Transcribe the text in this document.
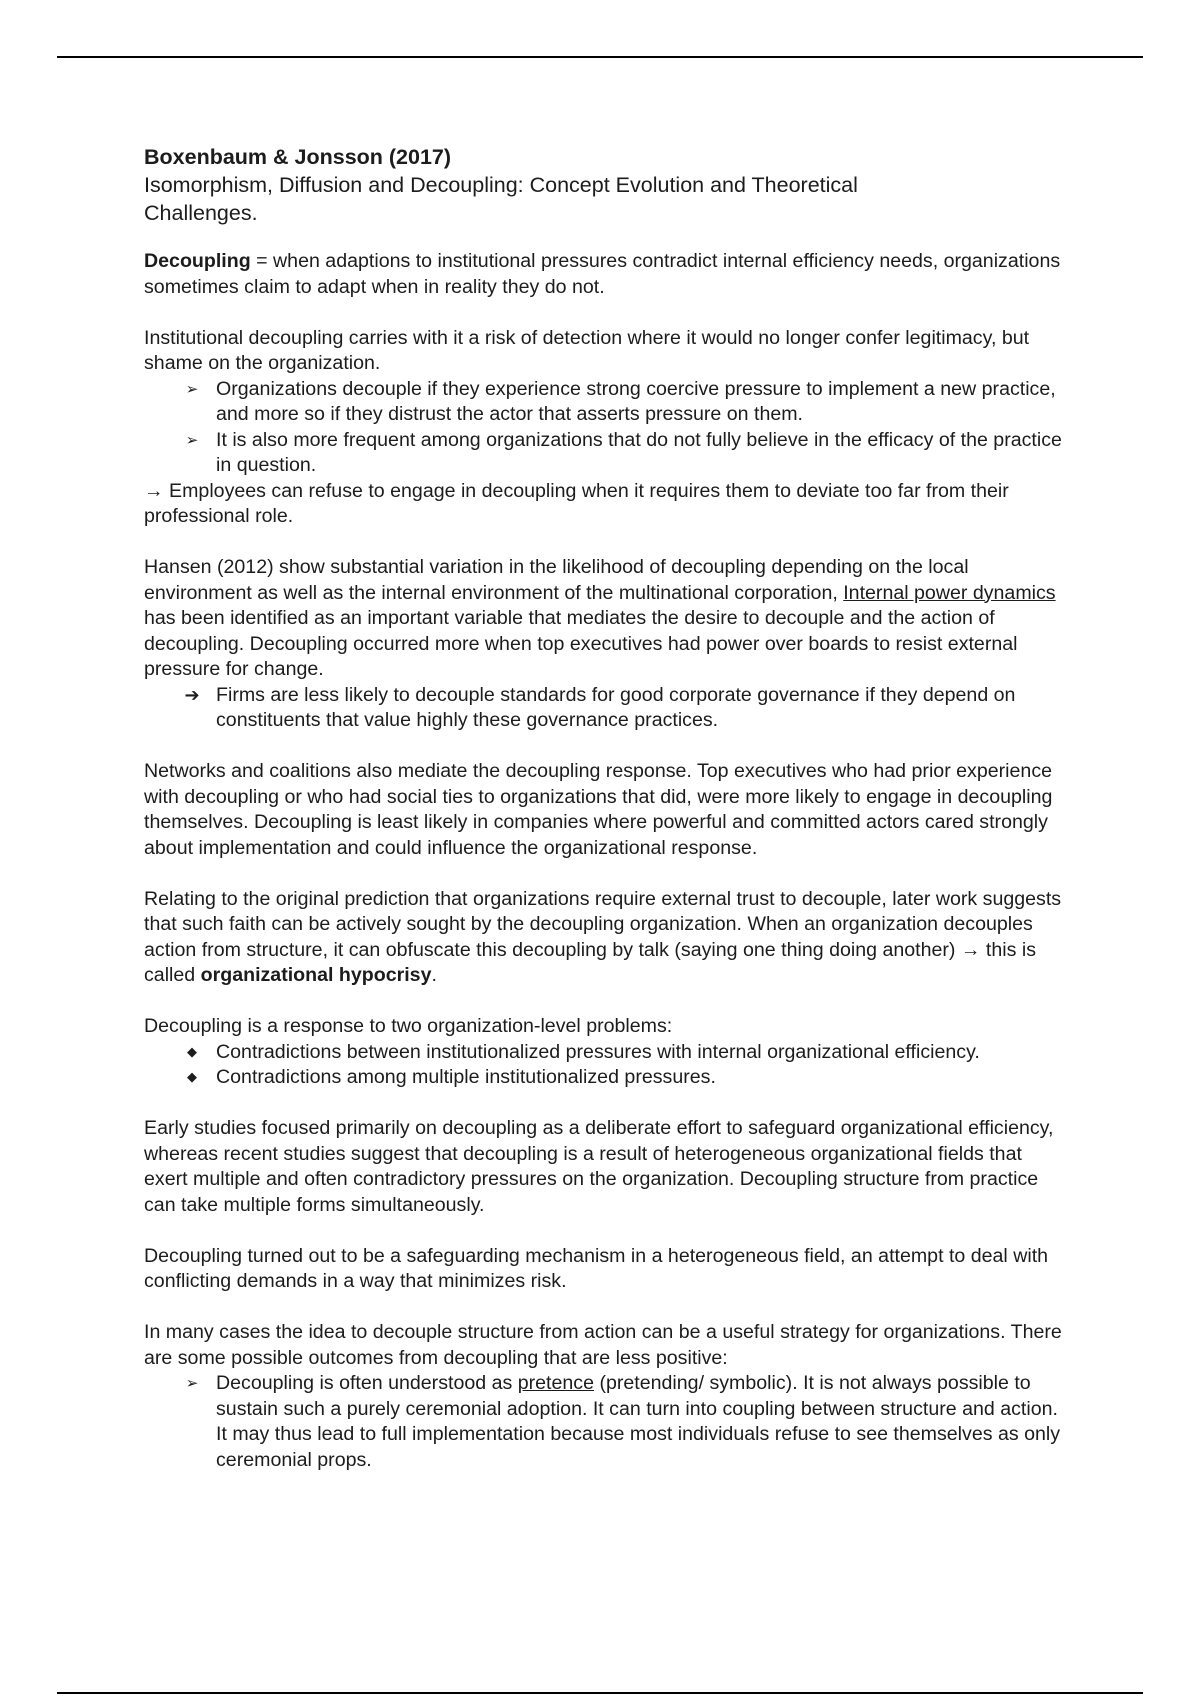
Boxenbaum & Jonsson (2017)
Isomorphism, Diffusion and Decoupling: Concept Evolution and Theoretical
Challenges.

Decoupling = when adaptions to institutional pressures contradict internal efficiency needs, organizations sometimes claim to adapt when in reality they do not.

Institutional decoupling carries with it a risk of detection where it would no longer confer legitimacy, but shame on the organization.

➢ Organizations decouple if they experience strong coercive pressure to implement a new practice, and more so if they distrust the actor that asserts pressure on them.
➢ It is also more frequent among organizations that do not fully believe in the efficacy of the practice in question.

→ Employees can refuse to engage in decoupling when it requires them to deviate too far from their professional role.

Hansen (2012) show substantial variation in the likelihood of decoupling depending on the local environment as well as the internal environment of the multinational corporation, Internal power dynamics has been identified as an important variable that mediates the desire to decouple and the action of decoupling. Decoupling occurred more when top executives had power over boards to resist external pressure for change.

➔ Firms are less likely to decouple standards for good corporate governance if they depend on constituents that value highly these governance practices.

Networks and coalitions also mediate the decoupling response. Top executives who had prior experience with decoupling or who had social ties to organizations that did, were more likely to engage in decoupling themselves. Decoupling is least likely in companies where powerful and committed actors cared strongly about implementation and could influence the organizational response.

Relating to the original prediction that organizations require external trust to decouple, later work suggests that such faith can be actively sought by the decoupling organization. When an organization decouples action from structure, it can obfuscate this decoupling by talk (saying one thing doing another) → this is called organizational hypocrisy.

Decoupling is a response to two organization-level problems:

◆ Contradictions between institutionalized pressures with internal organizational efficiency.
◆ Contradictions among multiple institutionalized pressures.

Early studies focused primarily on decoupling as a deliberate effort to safeguard organizational efficiency, whereas recent studies suggest that decoupling is a result of heterogeneous organizational fields that exert multiple and often contradictory pressures on the organization. Decoupling structure from practice can take multiple forms simultaneously.

Decoupling turned out to be a safeguarding mechanism in a heterogeneous field, an attempt to deal with conflicting demands in a way that minimizes risk.

In many cases the idea to decouple structure from action can be a useful strategy for organizations. There are some possible outcomes from decoupling that are less positive:

➢ Decoupling is often understood as pretence (pretending/ symbolic). It is not always possible to sustain such a purely ceremonial adoption. It can turn into coupling between structure and action. It may thus lead to full implementation because most individuals refuse to see themselves as only ceremonial props.
